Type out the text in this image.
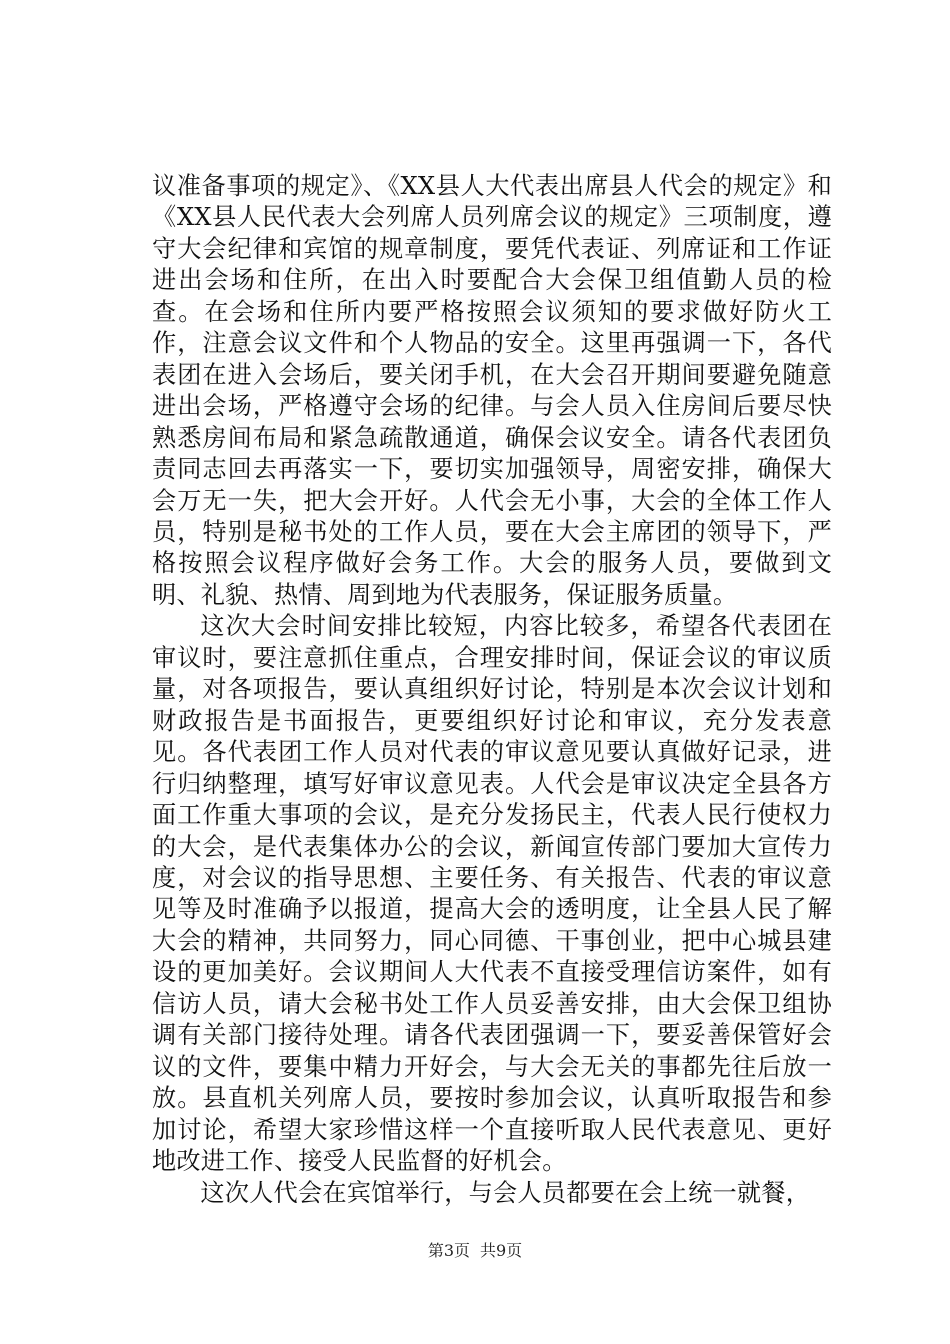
议准备事项的规定》、《XX县人大代表出席县人代会的规定》和《XX县人民代表大会列席人员列席会议的规定》三项制度，遵守大会纪律和宾馆的规章制度，要凭代表证、列席证和工作证进出会场和住所，在出入时要配合大会保卫组值勤人员的检查。在会场和住所内要严格按照会议须知的要求做好防火工作，注意会议文件和个人物品的安全。这里再强调一下，各代表团在进入会场后，要关闭手机，在大会召开期间要避免随意进出会场，严格遵守会场的纪律。与会人员入住房间后要尽快熟悉房间布局和紧急疏散通道，确保会议安全。请各代表团负责同志回去再落实一下，要切实加强领导，周密安排，确保大会万无一失，把大会开好。人代会无小事，大会的全体工作人员，特别是秘书处的工作人员，要在大会主席团的领导下，严格按照会议程序做好会务工作。大会的服务人员，要做到文明、礼貌、热情、周到地为代表服务，保证服务质量。

这次大会时间安排比较短，内容比较多，希望各代表团在审议时，要注意抓住重点，合理安排时间，保证会议的审议质量，对各项报告，要认真组织好讨论，特别是本次会议计划和财政报告是书面报告，更要组织好讨论和审议，充分发表意见。各代表团工作人员对代表的审议意见要认真做好记录，进行归纳整理，填写好审议意见表。人代会是审议决定全县各方面工作重大事项的会议，是充分发扬民主，代表人民行使权力的大会，是代表集体办公的会议，新闻宣传部门要加大宣传力度，对会议的指导思想、主要任务、有关报告、代表的审议意见等及时准确予以报道，提高大会的透明度，让全县人民了解大会的精神，共同努力，同心同德、干事创业，把中心城县建设的更加美好。会议期间人大代表不直接受理信访案件，如有信访人员，请大会秘书处工作人员妥善安排，由大会保卫组协调有关部门接待处理。请各代表团强调一下，要妥善保管好会议的文件，要集中精力开好会，与大会无关的事都先往后放一放。县直机关列席人员，要按时参加会议，认真听取报告和参加讨论，希望大家珍惜这样一个直接听取人民代表意见、更好地改进工作、接受人民监督的好机会。

这次人代会在宾馆举行，与会人员都要在会上统一就餐，

第3页 共9页
